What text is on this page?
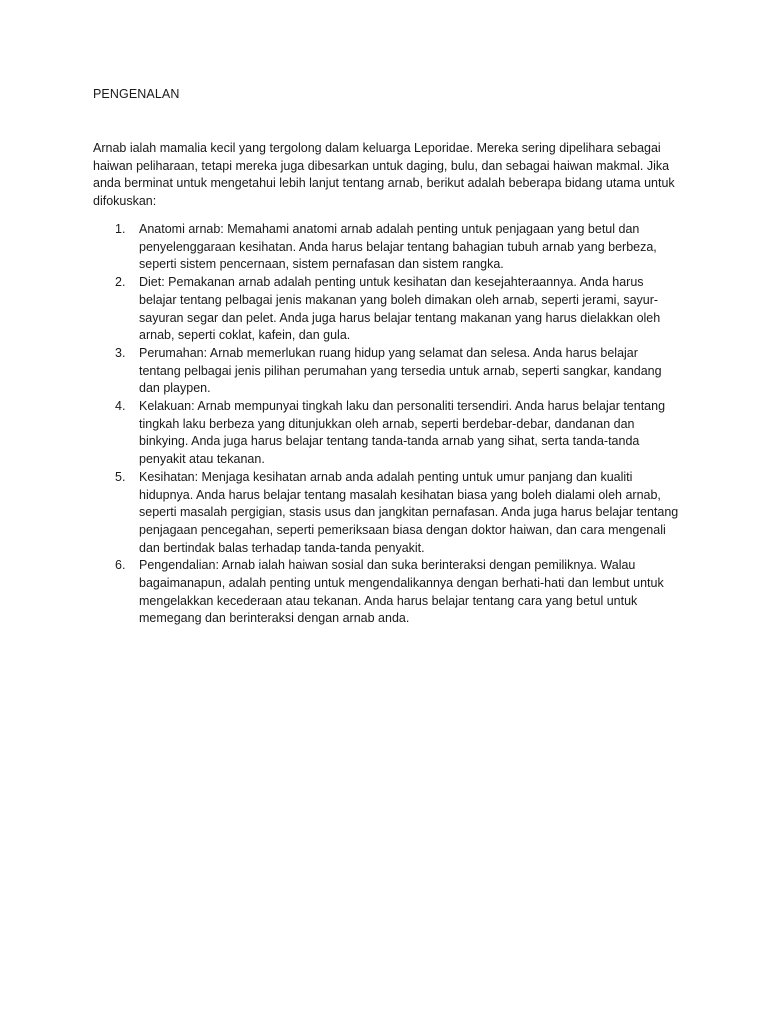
PENGENALAN

Arnab ialah mamalia kecil yang tergolong dalam keluarga Leporidae. Mereka sering dipelihara sebagai haiwan peliharaan, tetapi mereka juga dibesarkan untuk daging, bulu, dan sebagai haiwan makmal. Jika anda berminat untuk mengetahui lebih lanjut tentang arnab, berikut adalah beberapa bidang utama untuk difokuskan:

1. Anatomi arnab: Memahami anatomi arnab adalah penting untuk penjagaan yang betul dan penyelenggaraan kesihatan. Anda harus belajar tentang bahagian tubuh arnab yang berbeza, seperti sistem pencernaan, sistem pernafasan dan sistem rangka.
2. Diet: Pemakanan arnab adalah penting untuk kesihatan dan kesejahteraannya. Anda harus belajar tentang pelbagai jenis makanan yang boleh dimakan oleh arnab, seperti jerami, sayur-sayuran segar dan pelet. Anda juga harus belajar tentang makanan yang harus dielakkan oleh arnab, seperti coklat, kafein, dan gula.
3. Perumahan: Arnab memerlukan ruang hidup yang selamat dan selesa. Anda harus belajar tentang pelbagai jenis pilihan perumahan yang tersedia untuk arnab, seperti sangkar, kandang dan playpen.
4. Kelakuan: Arnab mempunyai tingkah laku dan personaliti tersendiri. Anda harus belajar tentang tingkah laku berbeza yang ditunjukkan oleh arnab, seperti berdebar-debar, dandanan dan binkying. Anda juga harus belajar tentang tanda-tanda arnab yang sihat, serta tanda-tanda penyakit atau tekanan.
5. Kesihatan: Menjaga kesihatan arnab anda adalah penting untuk umur panjang dan kualiti hidupnya. Anda harus belajar tentang masalah kesihatan biasa yang boleh dialami oleh arnab, seperti masalah pergigian, stasis usus dan jangkitan pernafasan. Anda juga harus belajar tentang penjagaan pencegahan, seperti pemeriksaan biasa dengan doktor haiwan, dan cara mengenali dan bertindak balas terhadap tanda-tanda penyakit.
6. Pengendalian: Arnab ialah haiwan sosial dan suka berinteraksi dengan pemiliknya. Walau bagaimanapun, adalah penting untuk mengendalikannya dengan berhati-hati dan lembut untuk mengelakkan kecederaan atau tekanan. Anda harus belajar tentang cara yang betul untuk memegang dan berinteraksi dengan arnab anda.
